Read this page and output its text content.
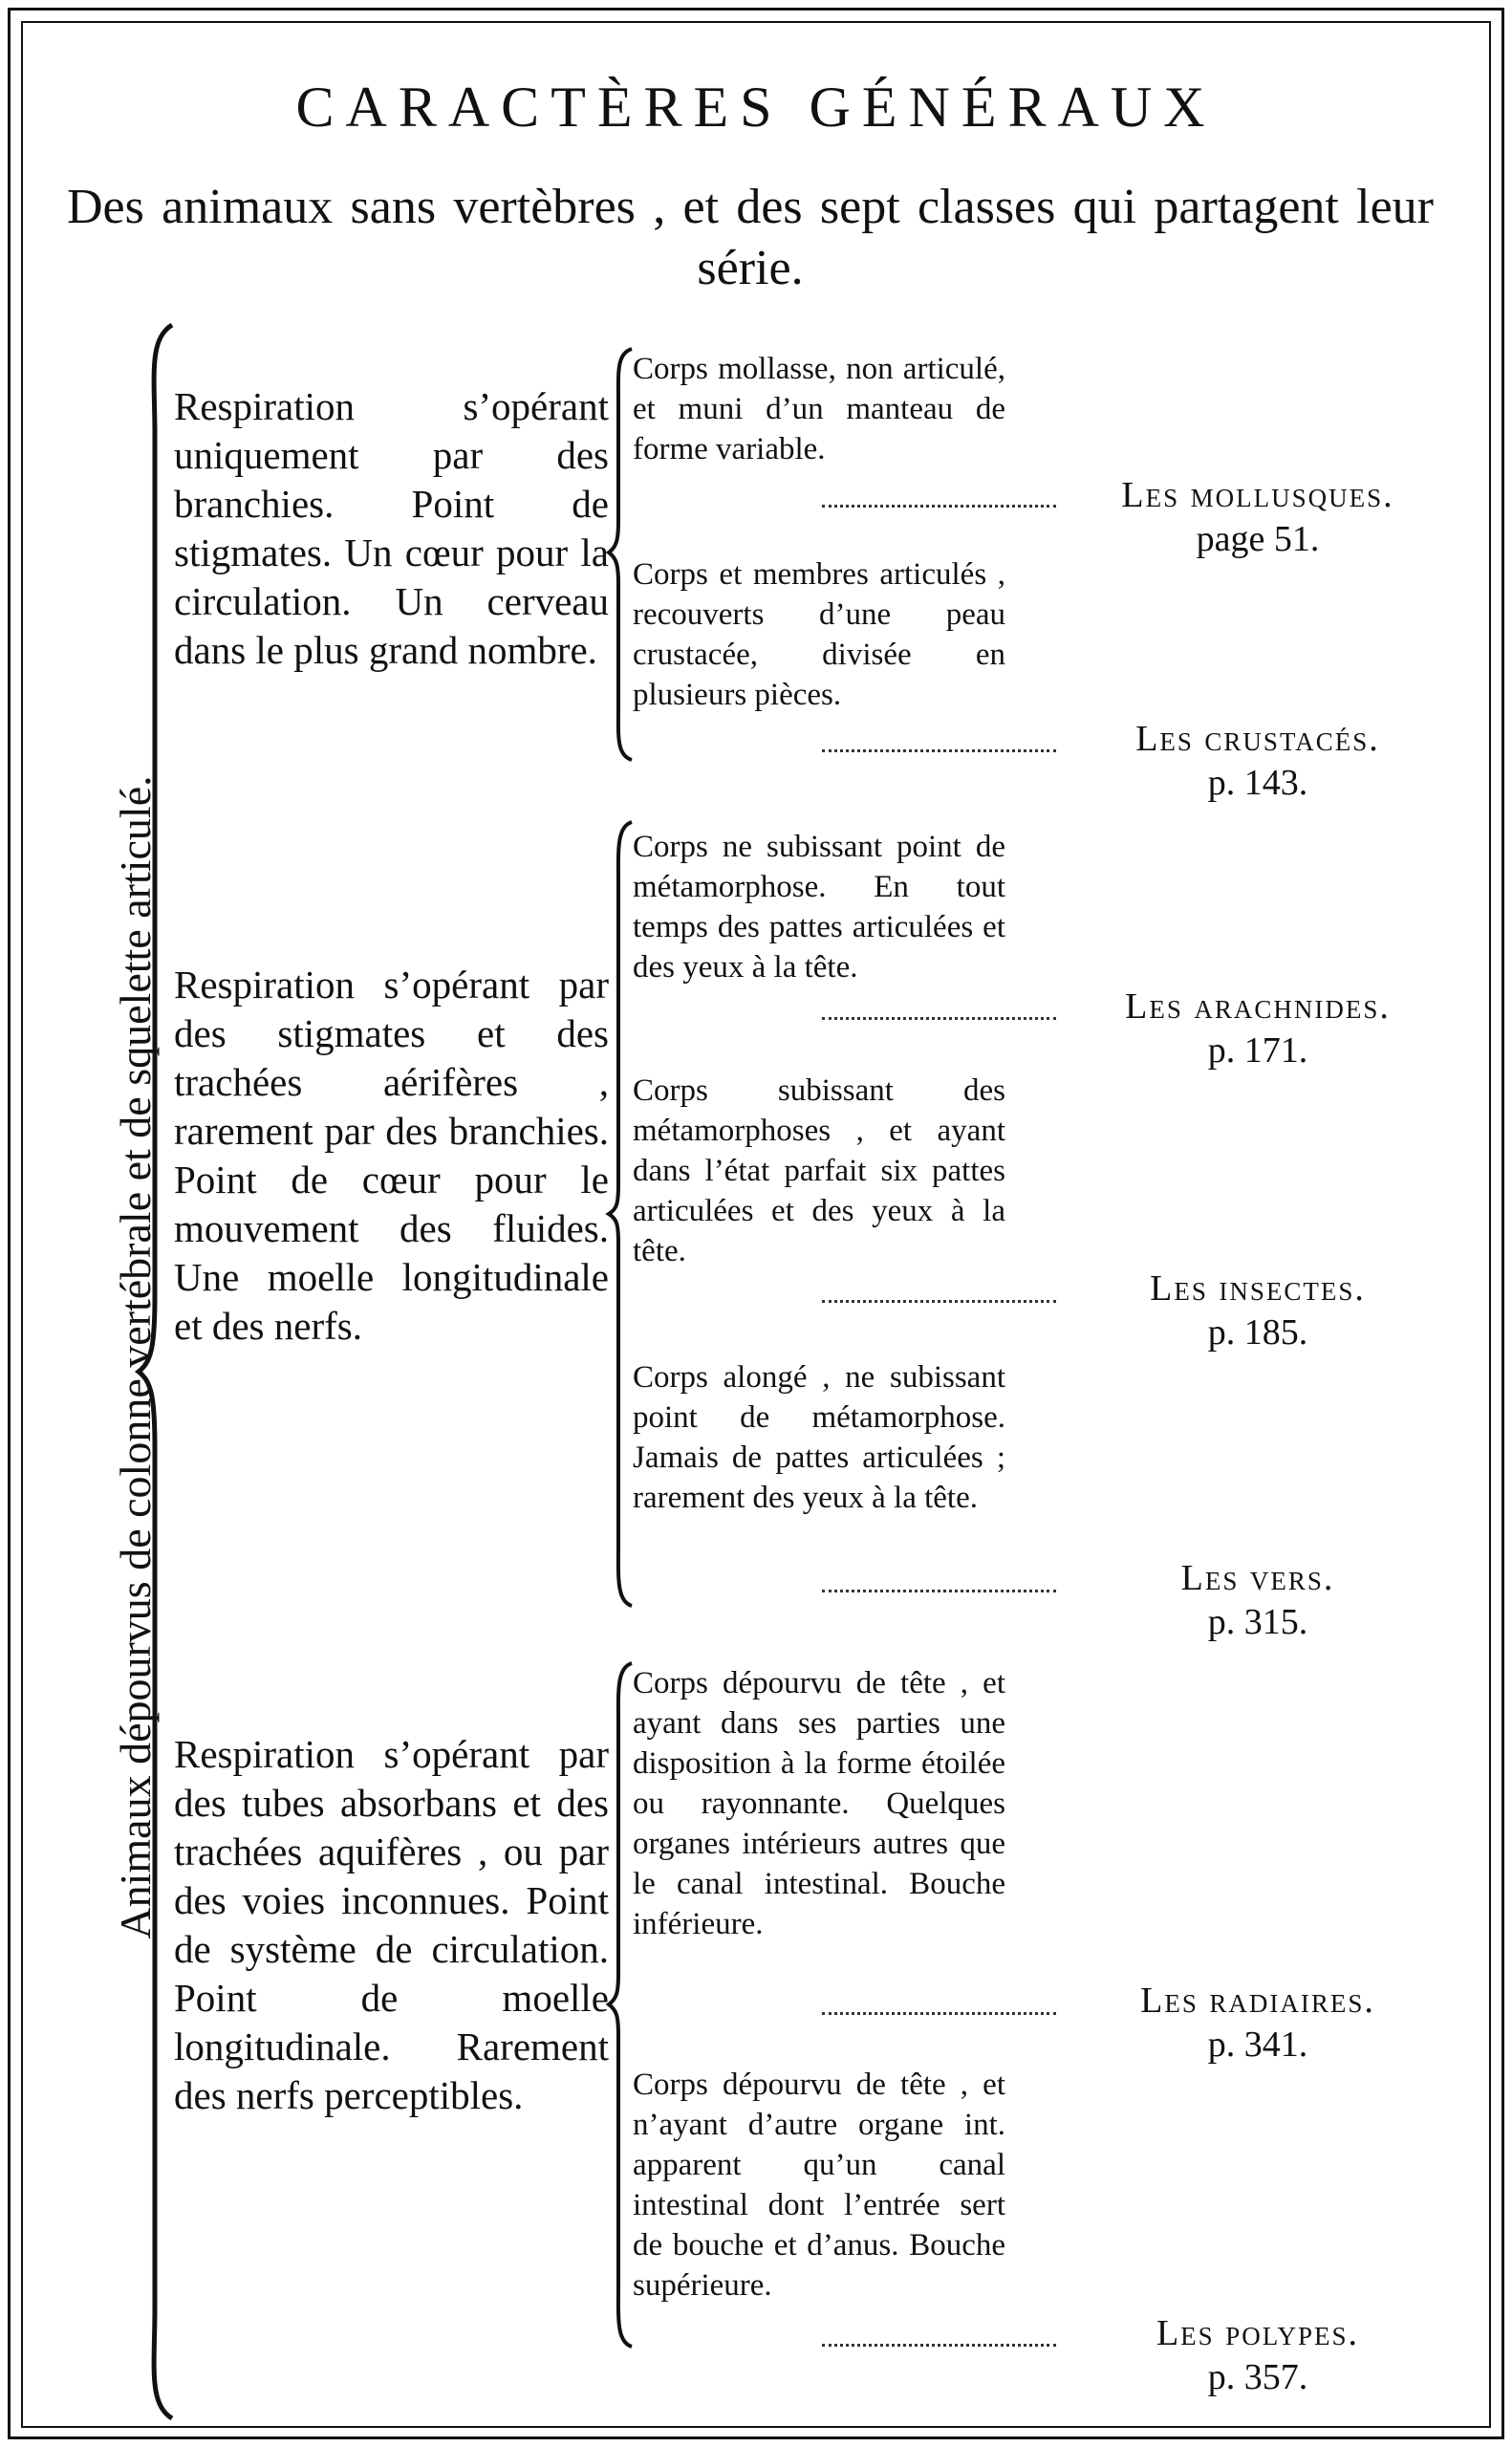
CARACTÈRES GÉNÉRAUX
Des animaux sans vertèbres , et des sept classes qui partagent leur série.
Animaux dépourvus de colonne vertébrale et de squelette articulé.
Respiration s’opérant uniquement par des branchies. Point de stigmates. Un cœur pour la circulation. Un cerveau dans le plus grand nombre.
Respiration s’opérant par des stigmates et des trachées aérifères , rarement par des branchies. Point de cœur pour le mouvement des fluides. Une moelle longitudinale et des nerfs.
Respiration s’opérant par des tubes absorbans et des trachées aquifères , ou par des voies inconnues. Point de système de circulation. Point de moelle longitudinale. Rarement des nerfs perceptibles.
Corps mollasse, non articulé, et muni d’un manteau de forme variable.
Corps et membres articulés , recouverts d’une peau crustacée, divisée en plusieurs pièces.
Corps ne subissant point de métamorphose. En tout temps des pattes articulées et des yeux à la tête.
Corps subissant des métamorphoses , et ayant dans l’état parfait six pattes articulées et des yeux à la tête.
Corps alongé , ne subissant point de métamorphose. Jamais de pattes articulées ; rarement des yeux à la tête.
Corps dépourvu de tête , et ayant dans ses parties une disposition à la forme étoilée ou rayonnante. Quelques organes intérieurs autres que le canal intestinal. Bouche inférieure.
Corps dépourvu de tête , et n’ayant d’autre organe int. apparent qu’un canal intestinal dont l’entrée sert de bouche et d’anus. Bouche supérieure.
Les mollusques.
page 51.
Les crustacés.
p. 143.
Les arachnides.
p. 171.
Les insectes.
p. 185.
Les vers.
p. 315.
Les radiaires.
p. 341.
Les polypes.
p. 357.
